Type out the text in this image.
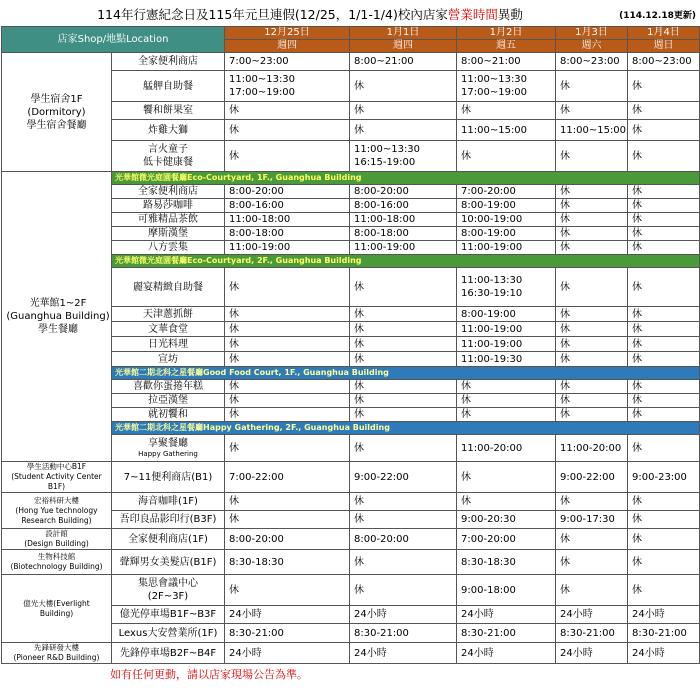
114年行憲紀念日及115年元旦連假(12/25，1/1-1/4)校內店家營業時間異動	(114.12.18更新)
店家Shop/地點Location		12月25日	1月1日	1月2日	1月3日	1月4日
		週四	週四	週五	週六	週日
學生宿舍1F
(Dormitory)
學生宿舍餐廳	全家便利商店	7:00~23:00	8:00~21:00	8:00~21:00	8:00~23:00	8:00~23:00
	艋舺自助餐	11:00~13:30
17:00~19:00	休	11:00~13:30
17:00~19:00	休	休
	饗和餅果室	休	休	休	休	休
	炸雞大獅	休	休	11:00~15:00	11:00~15:00	休
	言火童子
低卡健康餐	休	11:00~13:30
16:15-19:00	休	休	休
光華館1~2F
(Guanghua Building)
學生餐廳	光華館微光庭園餐廳Eco-Courtyard, 1F., Guanghua Building					
	全家便利商店	8:00-20:00	8:00-20:00	7:00-20:00	休	休
	路易莎咖啡	8:00-16:00	8:00-16:00	8:00-19:00	休	休
	可雅精品茶飲	11:00-18:00	11:00-18:00	10:00-19:00	休	休
	摩斯漢堡	8:00-18:00	8:00-18:00	8:00-19:00	休	休
	八方雲集	11:00-19:00	11:00-19:00	11:00-19:00	休	休
	光華館微光庭園餐廳Eco-Courtyard, 2F., Guanghua Building					
	麗宴精緻自助餐	休	休	11:00-13:30
16:30-19:10	休	休
	天津蔥抓餅	休	休	8:00-19:00	休	休
	文華食堂	休	休	11:00-19:00	休	休
	日光料理	休	休	11:00-19:00	休	休
	宣坊	休	休	11:00-19:30	休	休
	光華館二期北科之星餐廳Good Food Court, 1F., Guanghua Building					
	喜歡你蛋捲年糕	休	休	休	休	休
	拉亞漢堡	休	休	休	休	休
	就初饗和	休	休	休	休	休
	光華館二期北科之星餐廳Happy Gathering, 2F., Guanghua Building					
	享聚餐廳
Happy Gathering	休	休	11:00-20:00	11:00-20:00	休
學生活動中心B1F
(Student Activity Center B1F)	7~11便利商店(B1)	7:00-22:00	9:00-22:00	休	9:00-22:00	9:00-23:00
宏裕科研大樓
(Hong Yue technology
Research Building)	海音咖啡(1F)	休	休	休	休	休
	吾印良品影印行(B3F)	休	休	9:00-20:30	9:00-17:30	休
設計館
(Design Building)	全家便利商店(1F)	8:00-20:00	8:00-20:00	7:00-20:00	休	休
生物科技館
(Biotechnology Building)	聲輝男女美髮店(B1F)	8:30-18:30	休	8:30-18:30	休	休
億光大樓(Everlight
Building)	集思會議中心
(2F~3F)	休	休	9:00-18:00	休	休
	億光停車場B1F~B3F	24小時	24小時	24小時	24小時	24小時
	Lexus大安營業所(1F)	8:30-21:00	8:30-21:00	8:30-21:00	8:30-21:00	8:30-21:00
先鋒研發大樓
(Pioneer R&D Building)	先鋒停車場B2F~B4F	24小時	24小時	24小時	24小時	24小時
如有任何更動，請以店家現場公告為準。
